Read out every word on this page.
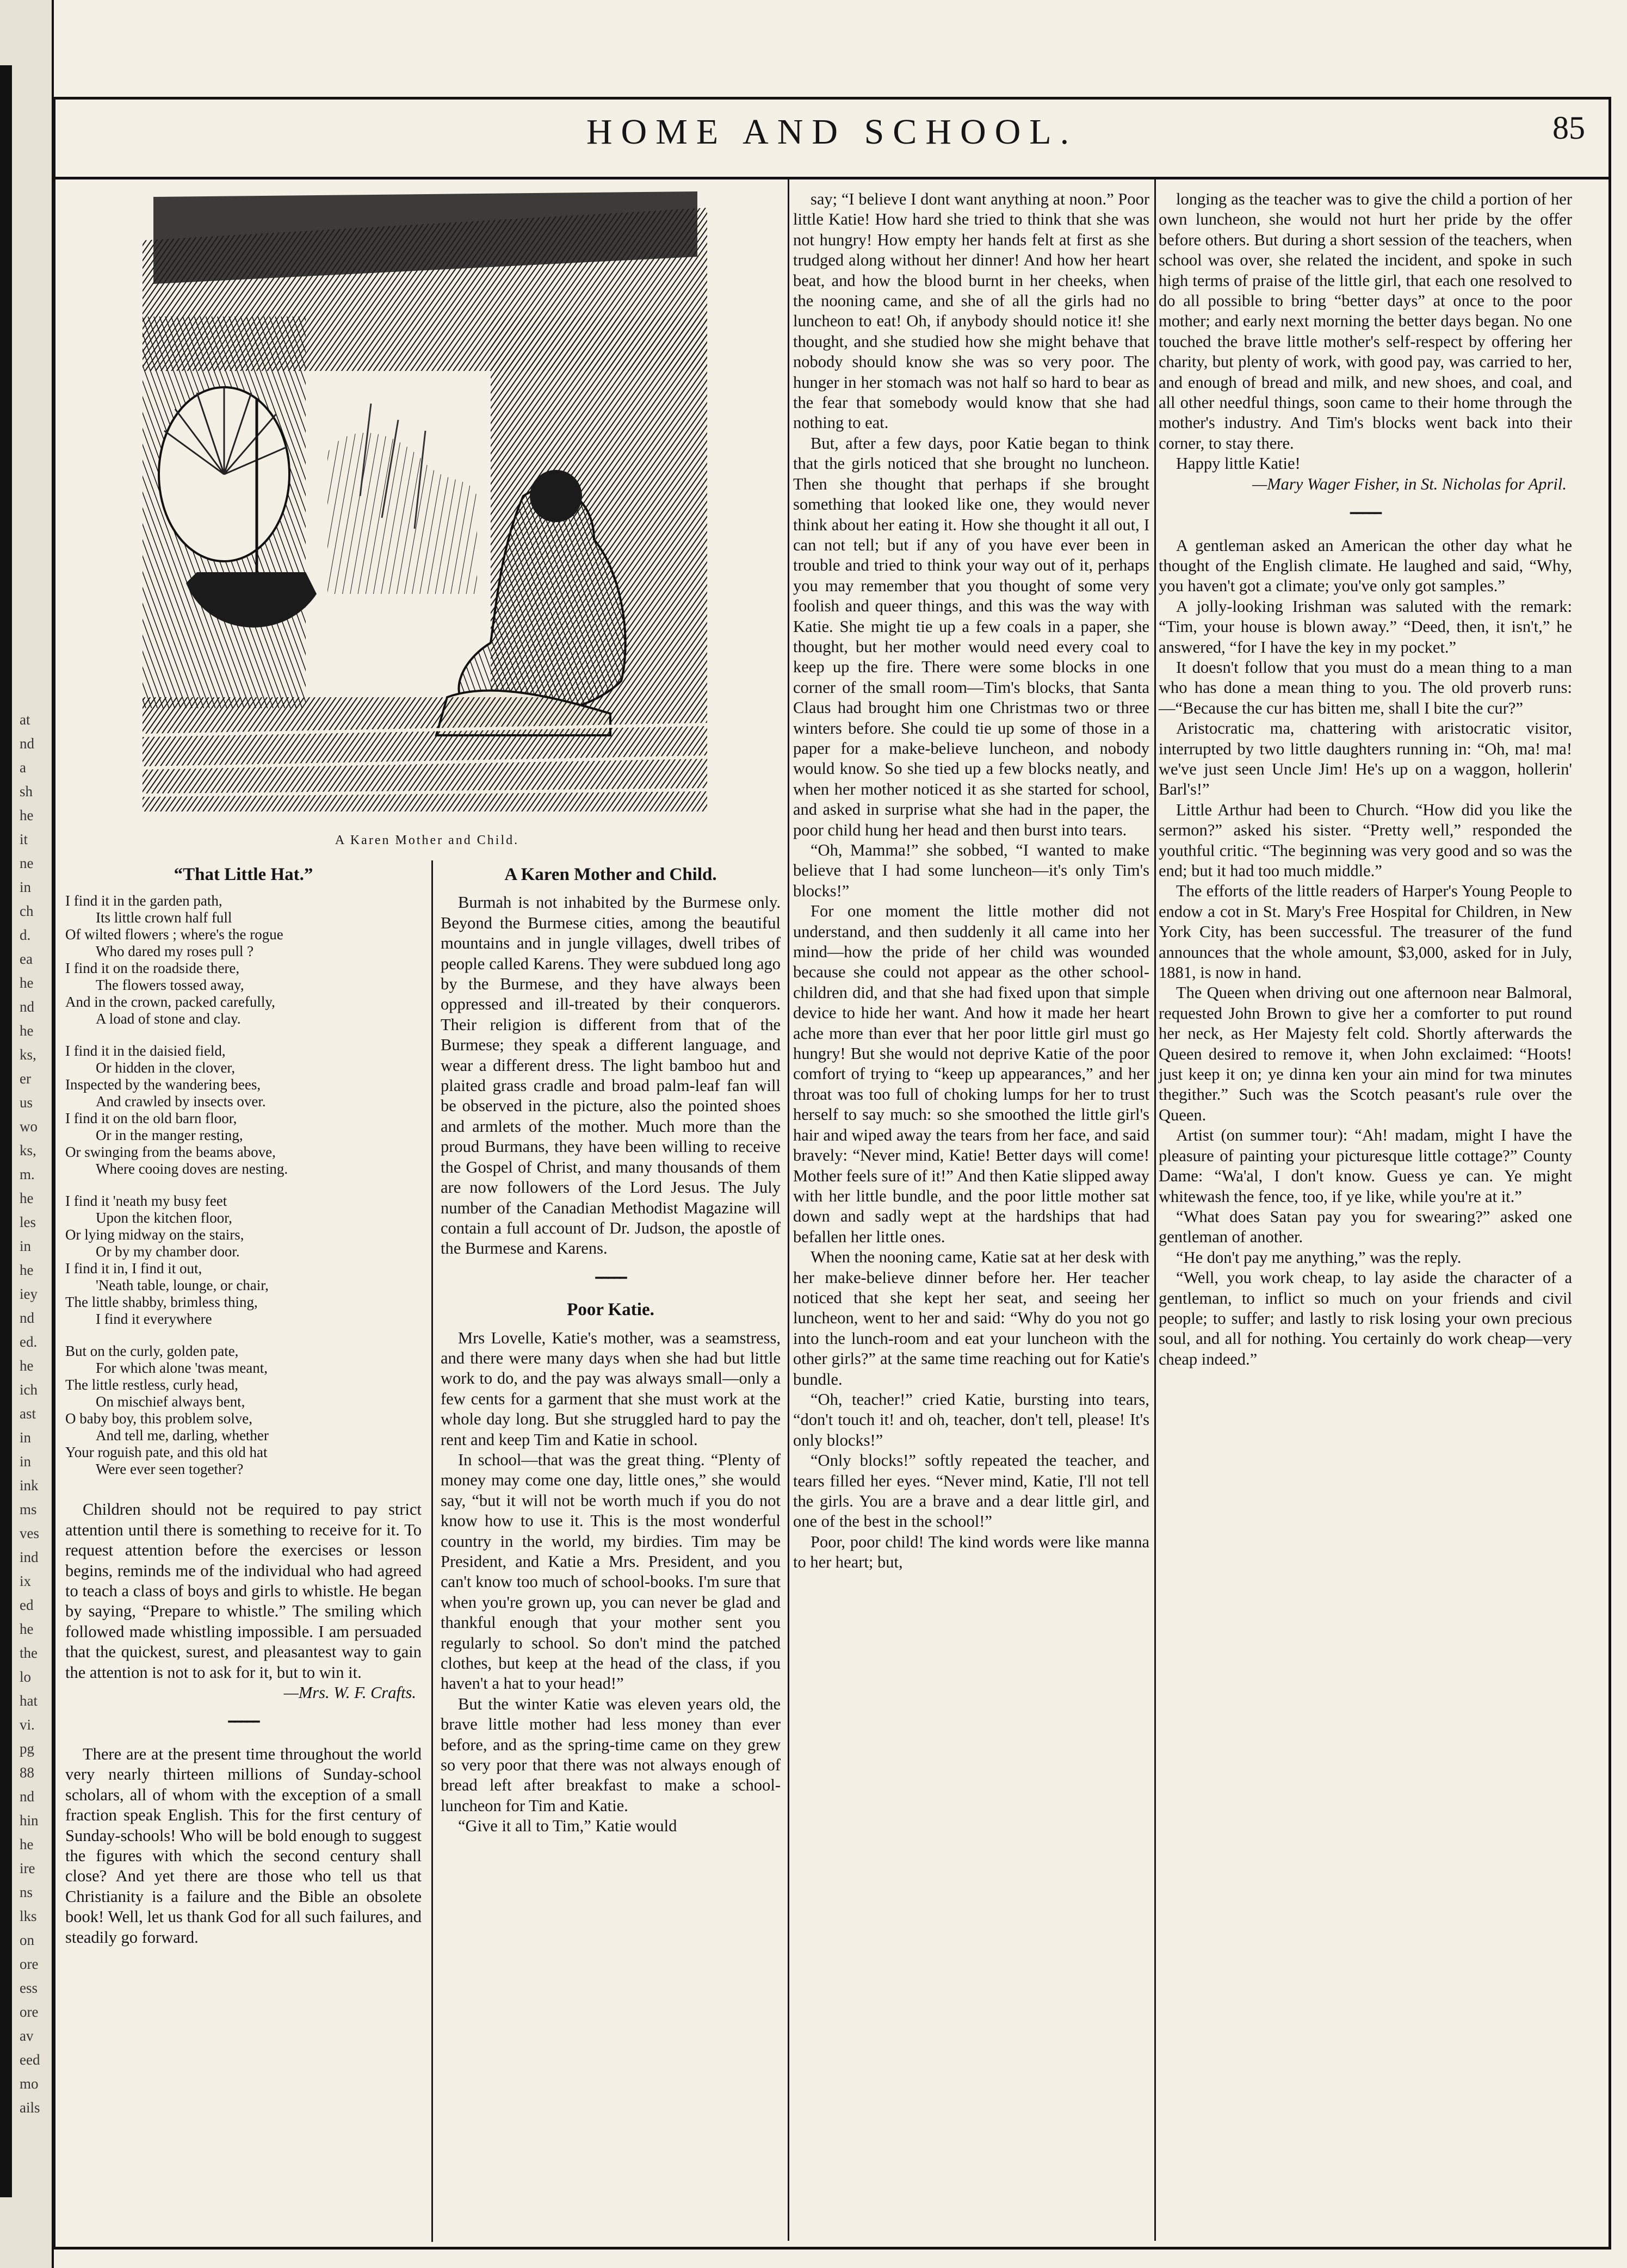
at
nd
a
sh
he
it
ne
in
ch
d.
ea
he
nd
he
ks,
er
us
wo
ks,
m.
he
les
in
he
iey
nd
ed.
he
ich
ast
in
in
ink
ms
ves
ind
ix
ed
he
the
lo
hat
vi.
pg
88
nd
hin
he
ire
ns
lks
on
ore
ess
ore
av
eed
mo
ails
HOME AND SCHOOL.	85
A Karen Mother and Child.
“That Little Hat.”
I find it in the garden path,
Its little crown half full
Of wilted flowers ; where's the rogue
Who dared my roses pull ?
I find it on the roadside there,
The flowers tossed away,
And in the crown, packed carefully,
A load of stone and clay.
I find it in the daisied field,
Or hidden in the clover,
Inspected by the wandering bees,
And crawled by insects over.
I find it on the old barn floor,
Or in the manger resting,
Or swinging from the beams above,
Where cooing doves are nesting.
I find it 'neath my busy feet
Upon the kitchen floor,
Or lying midway on the stairs,
Or by my chamber door.
I find it in, I find it out,
'Neath table, lounge, or chair,
The little shabby, brimless thing,
I find it everywhere
But on the curly, golden pate,
For which alone 'twas meant,
The little restless, curly head,
On mischief always bent,
O baby boy, this problem solve,
And tell me, darling, whether
Your roguish pate, and this old hat
Were ever seen together?

Children should not be required to pay strict attention until there is something to receive for it. To request attention before the exercises or lesson begins, reminds me of the individual who had agreed to teach a class of boys and girls to whistle. He began by saying, “Prepare to whistle.” The smiling which followed made whistling impossible. I am persuaded that the quickest, surest, and pleasantest way to gain the attention is not to ask for it, but to win it.

—Mrs. W. F. Crafts.
━━━━━

There are at the present time throughout the world very nearly thirteen millions of Sunday-school scholars, all of whom with the exception of a small fraction speak English. This for the first century of Sunday-schools! Who will be bold enough to suggest the figures with which the second century shall close? And yet there are those who tell us that Christianity is a failure and the Bible an obsolete book! Well, let us thank God for all such failures, and steadily go forward.

A Karen Mother and Child.

Burmah is not inhabited by the Burmese only. Beyond the Burmese cities, among the beautiful mountains and in jungle villages, dwell tribes of people called Karens. They were subdued long ago by the Burmese, and they have always been oppressed and ill-treated by their conquerors. Their religion is different from that of the Burmese; they speak a different language, and wear a different dress. The light bamboo hut and plaited grass cradle and broad palm-leaf fan will be observed in the picture, also the pointed shoes and armlets of the mother. Much more than the proud Burmans, they have been willing to receive the Gospel of Christ, and many thousands of them are now followers of the Lord Jesus. The July number of the Canadian Methodist Magazine will contain a full account of Dr. Judson, the apostle of the Burmese and Karens.

━━━━━
Poor Katie.

Mrs Lovelle, Katie's mother, was a seamstress, and there were many days when she had but little work to do, and the pay was always small—only a few cents for a garment that she must work at the whole day long. But she struggled hard to pay the rent and keep Tim and Katie in school.

In school—that was the great thing. “Plenty of money may come one day, little ones,” she would say, “but it will not be worth much if you do not know how to use it. This is the most wonderful country in the world, my birdies. Tim may be President, and Katie a Mrs. President, and you can't know too much of school-books. I'm sure that when you're grown up, you can never be glad and thankful enough that your mother sent you regularly to school. So don't mind the patched clothes, but keep at the head of the class, if you haven't a hat to your head!”

But the winter Katie was eleven years old, the brave little mother had less money than ever before, and as the spring-time came on they grew so very poor that there was not always enough of bread left after breakfast to make a school-luncheon for Tim and Katie.

“Give it all to Tim,” Katie would

say; “I believe I dont want anything at noon.” Poor little Katie! How hard she tried to think that she was not hungry! How empty her hands felt at first as she trudged along without her dinner! And how her heart beat, and how the blood burnt in her cheeks, when the nooning came, and she of all the girls had no luncheon to eat! Oh, if anybody should notice it! she thought, and she studied how she might behave that nobody should know she was so very poor. The hunger in her stomach was not half so hard to bear as the fear that somebody would know that she had nothing to eat.

But, after a few days, poor Katie began to think that the girls noticed that she brought no luncheon. Then she thought that perhaps if she brought something that looked like one, they would never think about her eating it. How she thought it all out, I can not tell; but if any of you have ever been in trouble and tried to think your way out of it, perhaps you may remember that you thought of some very foolish and queer things, and this was the way with Katie. She might tie up a few coals in a paper, she thought, but her mother would need every coal to keep up the fire. There were some blocks in one corner of the small room—Tim's blocks, that Santa Claus had brought him one Christmas two or three winters before. She could tie up some of those in a paper for a make-believe luncheon, and nobody would know. So she tied up a few blocks neatly, and when her mother noticed it as she started for school, and asked in surprise what she had in the paper, the poor child hung her head and then burst into tears.

“Oh, Mamma!” she sobbed, “I wanted to make believe that I had some luncheon—it's only Tim's blocks!”

For one moment the little mother did not understand, and then suddenly it all came into her mind—how the pride of her child was wounded because she could not appear as the other school-children did, and that she had fixed upon that simple device to hide her want. And how it made her heart ache more than ever that her poor little girl must go hungry! But she would not deprive Katie of the poor comfort of trying to “keep up appearances,” and her throat was too full of choking lumps for her to trust herself to say much: so she smoothed the little girl's hair and wiped away the tears from her face, and said bravely: “Never mind, Katie! Better days will come! Mother feels sure of it!” And then Katie slipped away with her little bundle, and the poor little mother sat down and sadly wept at the hardships that had befallen her little ones.

When the nooning came, Katie sat at her desk with her make-believe dinner before her. Her teacher noticed that she kept her seat, and seeing her luncheon, went to her and said: “Why do you not go into the lunch-room and eat your luncheon with the other girls?” at the same time reaching out for Katie's bundle.

“Oh, teacher!” cried Katie, bursting into tears, “don't touch it! and oh, teacher, don't tell, please! It's only blocks!”

“Only blocks!” softly repeated the teacher, and tears filled her eyes. “Never mind, Katie, I'll not tell the girls. You are a brave and a dear little girl, and one of the best in the school!”

Poor, poor child! The kind words were like manna to her heart; but,

longing as the teacher was to give the child a portion of her own luncheon, she would not hurt her pride by the offer before others. But during a short session of the teachers, when school was over, she related the incident, and spoke in such high terms of praise of the little girl, that each one resolved to do all possible to bring “better days” at once to the poor mother; and early next morning the better days began. No one touched the brave little mother's self-respect by offering her charity, but plenty of work, with good pay, was carried to her, and enough of bread and milk, and new shoes, and coal, and all other needful things, soon came to their home through the mother's industry. And Tim's blocks went back into their corner, to stay there.

Happy little Katie!

—Mary Wager Fisher, in St. Nicholas for April.
━━━━━

A gentleman asked an American the other day what he thought of the English climate. He laughed and said, “Why, you haven't got a climate; you've only got samples.”

A jolly-looking Irishman was saluted with the remark: “Tim, your house is blown away.” “Deed, then, it isn't,” he answered, “for I have the key in my pocket.”

It doesn't follow that you must do a mean thing to a man who has done a mean thing to you. The old proverb runs:—“Because the cur has bitten me, shall I bite the cur?”

Aristocratic ma, chattering with aristocratic visitor, interrupted by two little daughters running in: “Oh, ma! ma! we've just seen Uncle Jim! He's up on a waggon, hollerin' Barl's!”

Little Arthur had been to Church. “How did you like the sermon?” asked his sister. “Pretty well,” responded the youthful critic. “The beginning was very good and so was the end; but it had too much middle.”

The efforts of the little readers of Harper's Young People to endow a cot in St. Mary's Free Hospital for Children, in New York City, has been successful. The treasurer of the fund announces that the whole amount, $3,000, asked for in July, 1881, is now in hand.

The Queen when driving out one afternoon near Balmoral, requested John Brown to give her a comforter to put round her neck, as Her Majesty felt cold. Shortly afterwards the Queen desired to remove it, when John exclaimed: “Hoots! just keep it on; ye dinna ken your ain mind for twa minutes thegither.” Such was the Scotch peasant's rule over the Queen.

Artist (on summer tour): “Ah! madam, might I have the pleasure of painting your picturesque little cottage?” County Dame: “Wa'al, I don't know. Guess ye can. Ye might whitewash the fence, too, if ye like, while you're at it.”

“What does Satan pay you for swearing?” asked one gentleman of another.

“He don't pay me anything,” was the reply.

“Well, you work cheap, to lay aside the character of a gentleman, to inflict so much on your friends and civil people; to suffer; and lastly to risk losing your own precious soul, and all for nothing. You certainly do work cheap—very cheap indeed.”
